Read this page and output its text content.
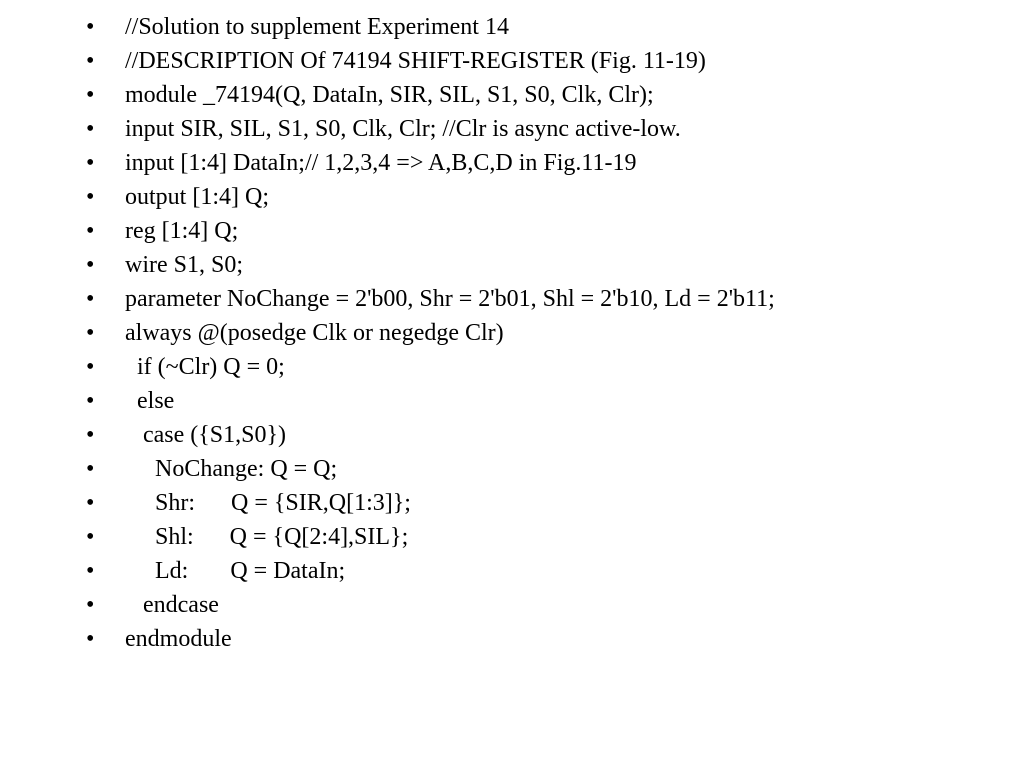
•	//Solution to supplement Experiment 14
•	//DESCRIPTION Of 74194 SHIFT-REGISTER (Fig. 11-19)
•	module _74194(Q, DataIn, SIR, SIL, S1, S0, Clk, Clr);
•	input SIR, SIL, S1, S0, Clk, Clr; //Clr is async active-low.
•	input [1:4] DataIn;// 1,2,3,4 => A,B,C,D in Fig.11-19
•	output [1:4] Q;
•	reg [1:4] Q;
•	wire S1, S0;
•	parameter NoChange = 2'b00, Shr = 2'b01, Shl = 2'b10, Ld = 2'b11;
•	always @(posedge Clk or negedge Clr)
•	if (~Clr) Q = 0;
•	else
•	case ({S1,S0})
•	NoChange: Q = Q;
•	Shr:      Q = {SIR,Q[1:3]};
•	Shl:      Q = {Q[2:4],SIL};
•	Ld:       Q = DataIn;
•	endcase
•	endmodule
